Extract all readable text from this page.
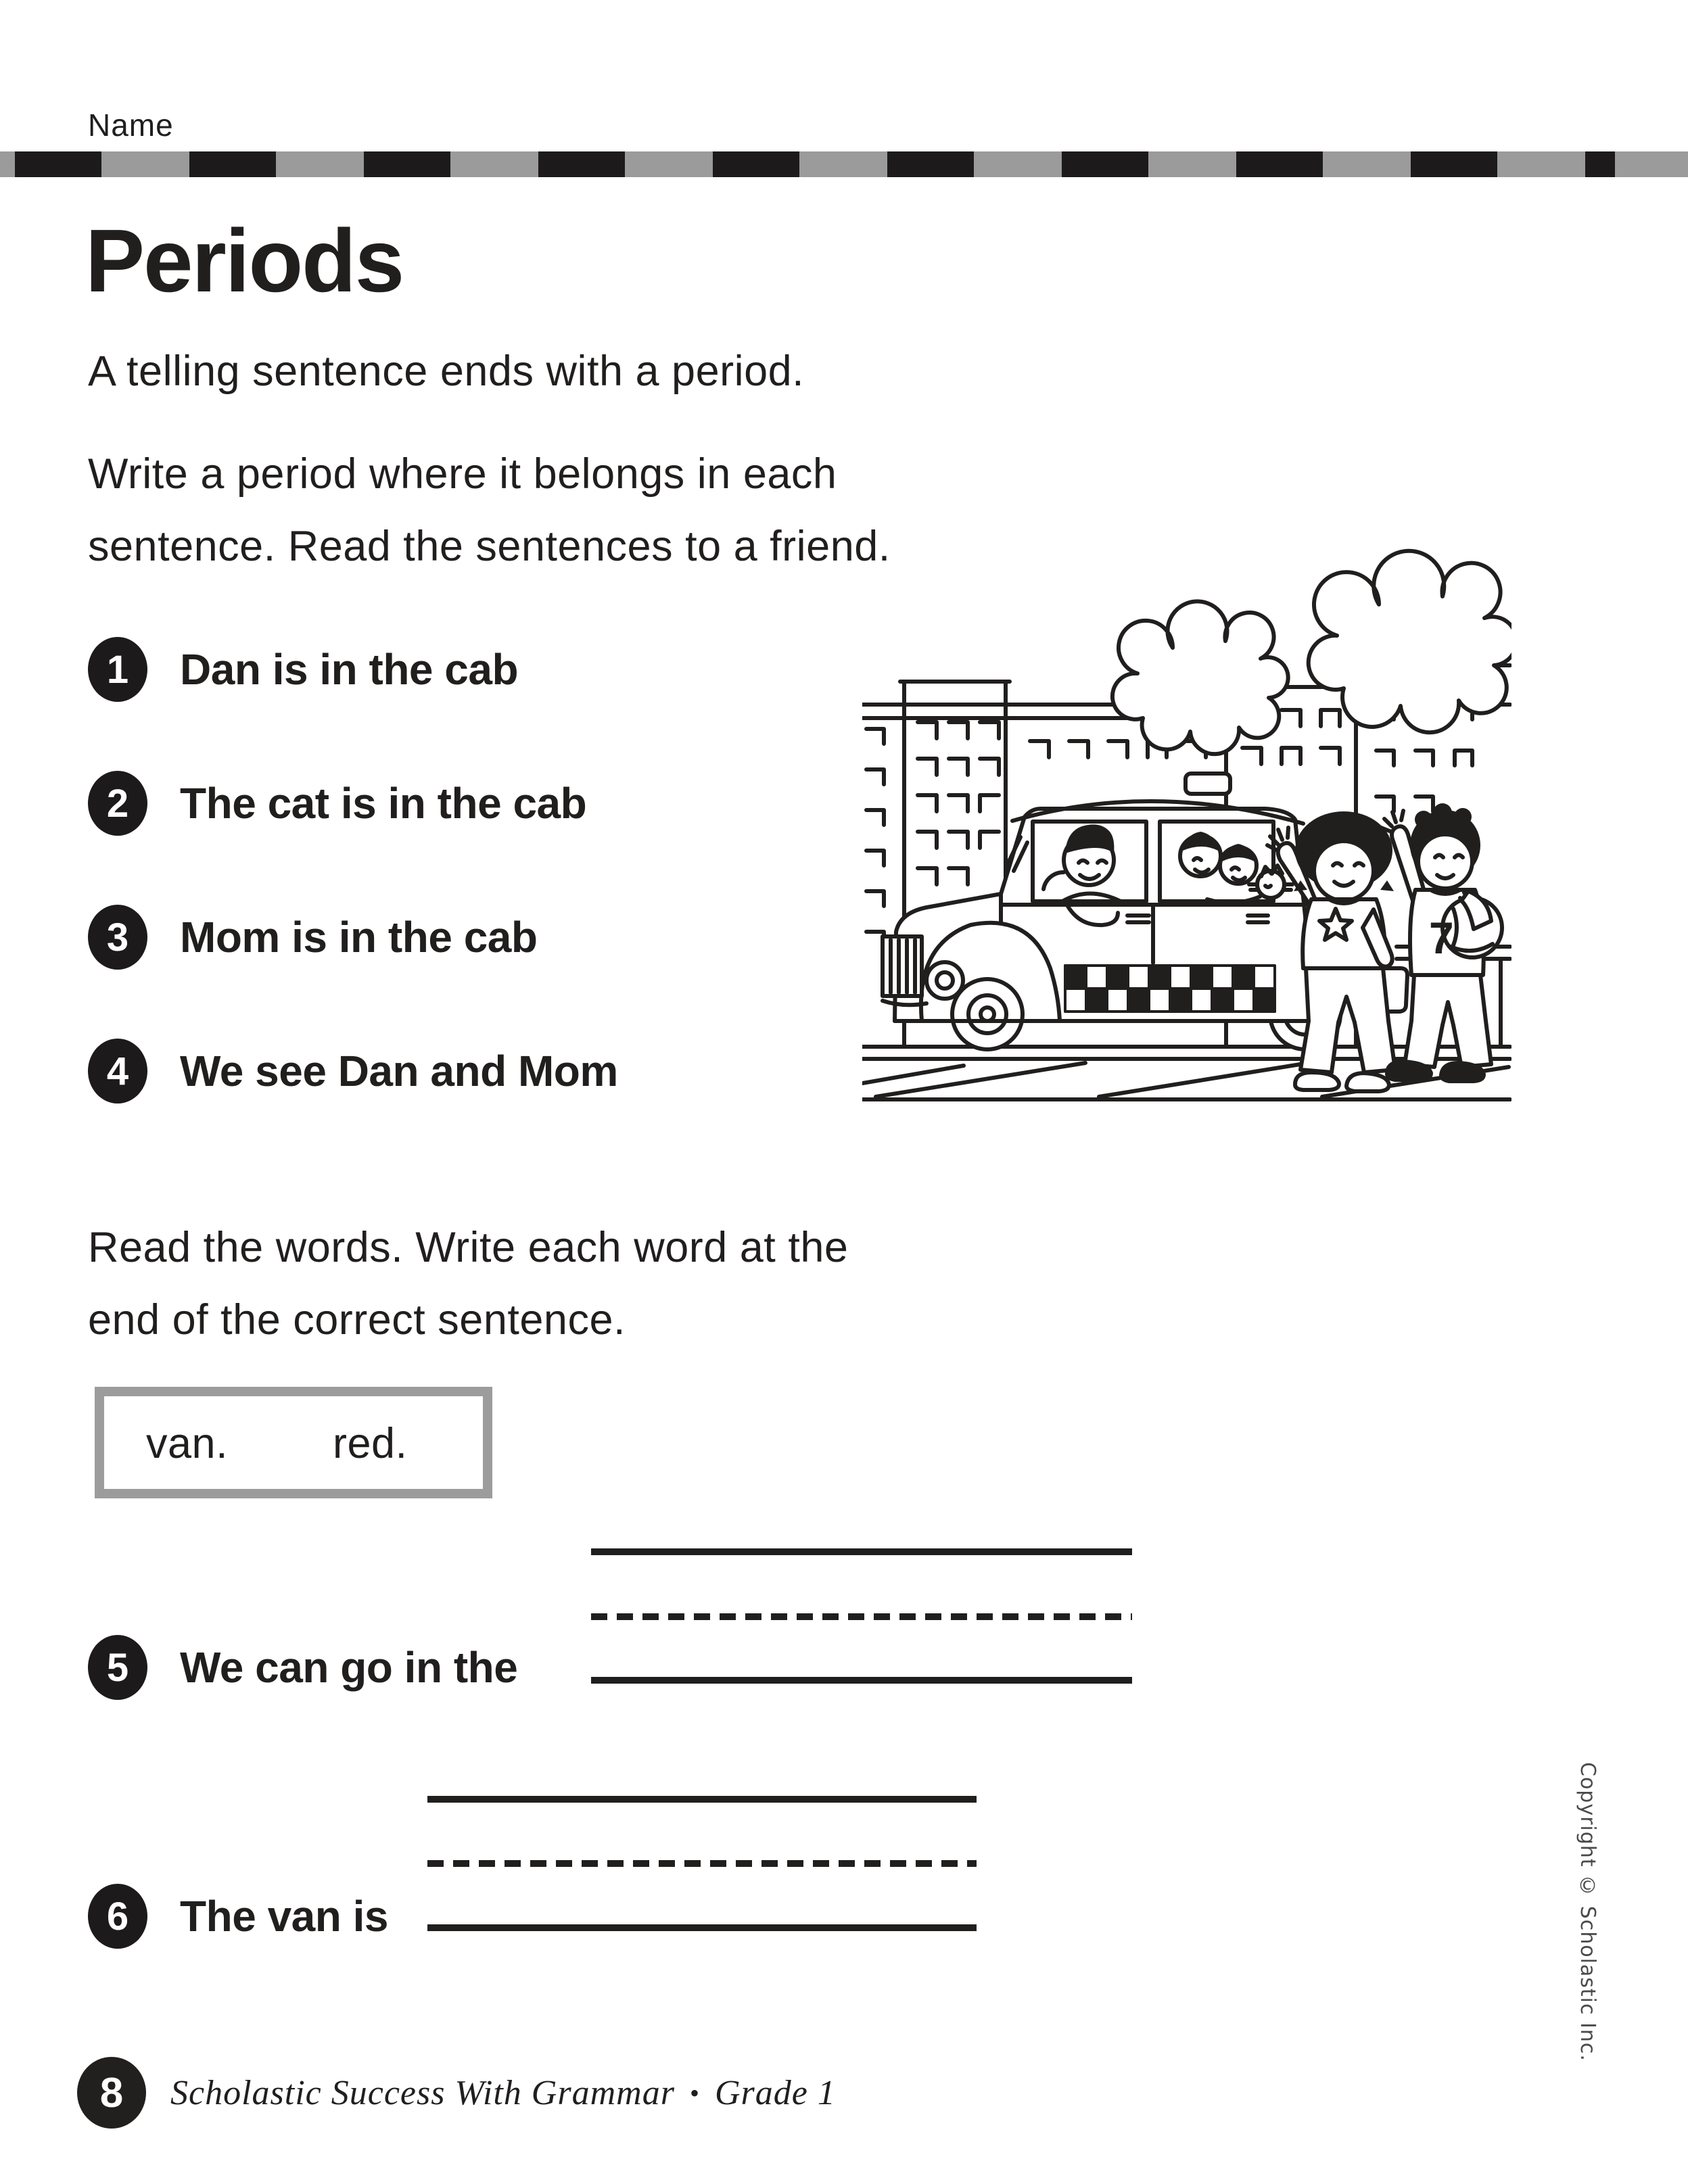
Name
Periods
A telling sentence ends with a period.
Write a period where it belongs in each
sentence. Read the sentences to a friend.
1	Dan is in the cab
2	The cat is in the cab
3	Mom is in the cab
4	We see Dan and Mom
7
Read the words. Write each word at the
end of the correct sentence.
van. red.
5	We can go in the
6	The van is
8	Scholastic Success With Grammar • Grade 1
Copyright © Scholastic Inc.
